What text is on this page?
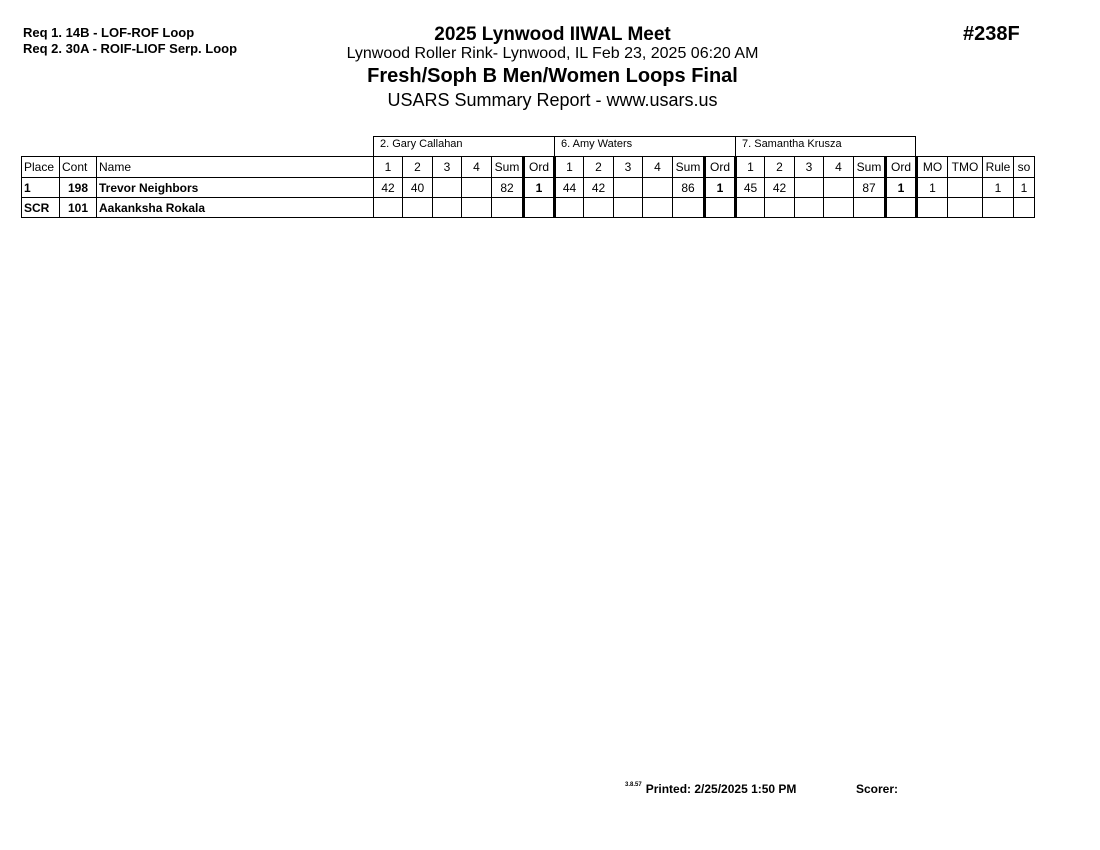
Req 1. 14B - LOF-ROF Loop
Req 2. 30A - ROIF-LIOF Serp. Loop
2025 Lynwood IIWAL Meet
Lynwood Roller Rink- Lynwood, IL Feb 23, 2025 06:20 AM
Fresh/Soph B Men/Women Loops Final
USARS Summary Report - www.usars.us
#238F
2. Gary Callahan	6. Amy Waters	7. Samantha Krusza
Place	Cont	Name	1	2	3	4	Sum	Ord	1	2	3	4	Sum	Ord	1	2	3	4	Sum	Ord	MO	TMO	Rule	so
1	198	Trevor Neighbors	42	40			82	1	44	42			86	1	45	42			87	1	1		1	1
SCR	101	Aakanksha Rokala																						
$^{3.8.57}$ Printed: 2/25/2025 1:50 PM	Scorer:
